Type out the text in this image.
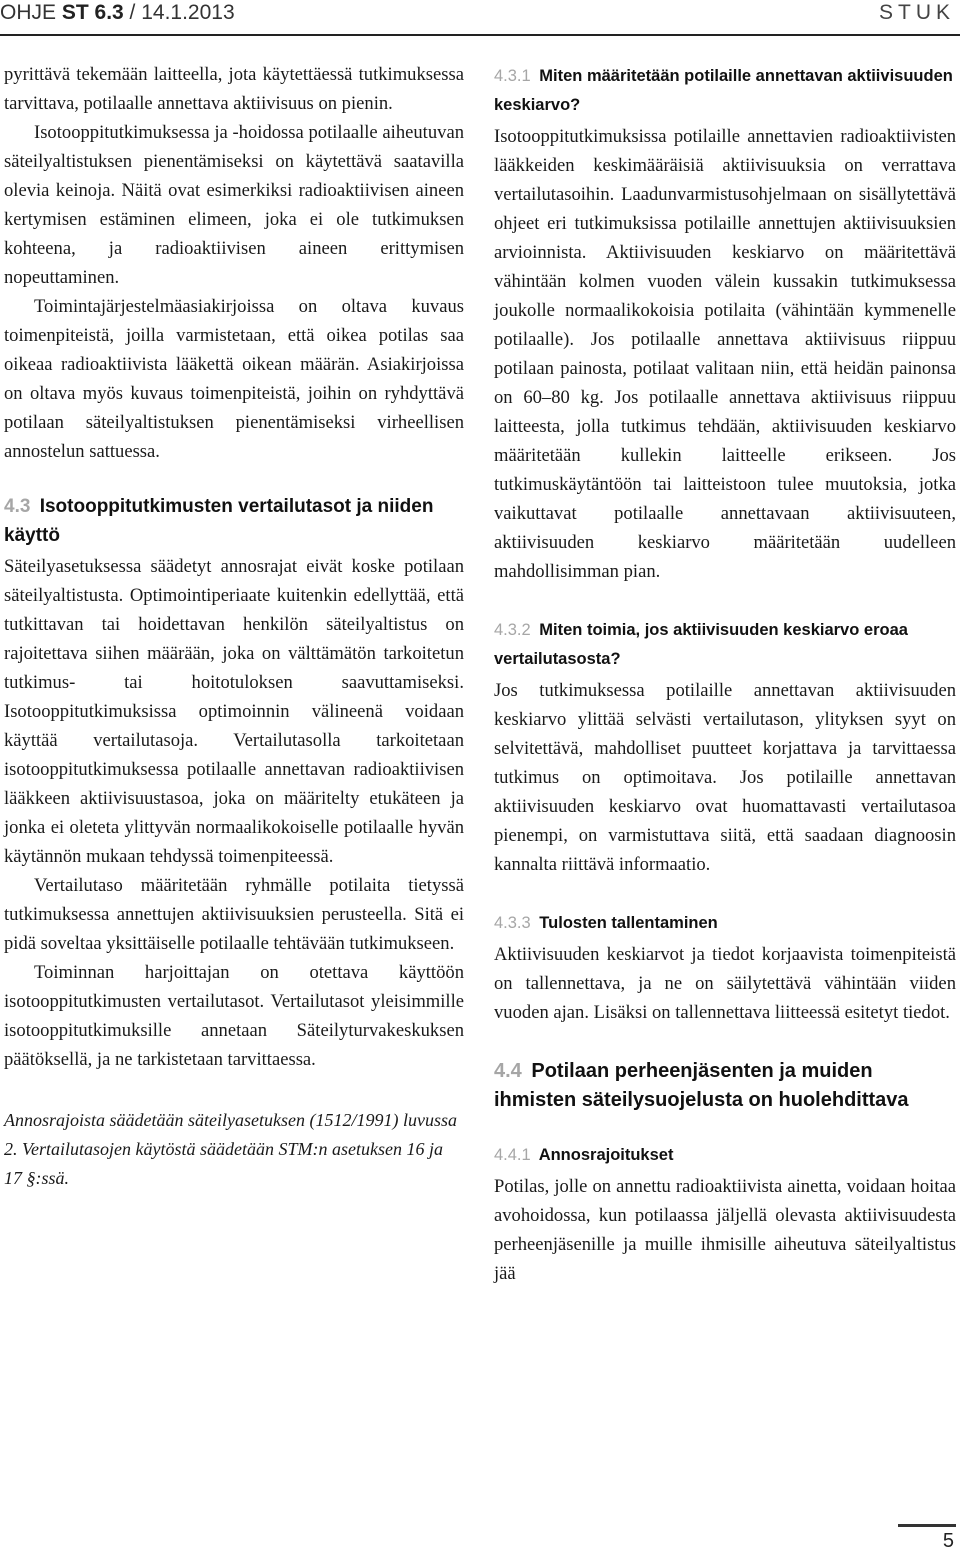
OHJE ST 6.3 / 14.1.2013	STUK

pyrittävä tekemään laitteella, jota käytettäessä tutkimuksessa tarvittava, potilaalle annettava aktiivisuus on pienin.

Isotooppitutkimuksessa ja -hoidossa potilaalle aiheutuvan säteilyaltistuksen pienentämiseksi on käytettävä saatavilla olevia keinoja. Näitä ovat esimerkiksi radioaktiivisen aineen kertymisen estäminen elimeen, joka ei ole tutkimuksen kohteena, ja radioaktiivisen aineen erittymisen nopeuttaminen.

Toimintajärjestelmäasiakirjoissa on oltava kuvaus toimenpiteistä, joilla varmistetaan, että oikea potilas saa oikeaa radioaktiivista lääkettä oikean määrän. Asiakirjoissa on oltava myös kuvaus toimenpiteistä, joihin on ryhdyttävä potilaan säteilyaltistuksen pienentämiseksi virheellisen annostelun sattuessa.

4.3 Isotooppitutkimusten vertailutasot ja niiden käyttö

Säteilyasetuksessa säädetyt annosrajat eivät koske potilaan säteilyaltistusta. Optimointiperiaate kuitenkin edellyttää, että tutkittavan tai hoidettavan henkilön säteilyaltistus on rajoitettava siihen määrään, joka on välttämätön tarkoitetun tutkimus- tai hoitotuloksen saavuttamiseksi. Isotooppitutkimuksissa optimoinnin välineenä voidaan käyttää vertailutasoja. Vertailutasolla tarkoitetaan isotooppitutkimuksessa potilaalle annettavan radioaktiivisen lääkkeen aktiivisuustasoa, joka on määritelty etukäteen ja jonka ei oleteta ylittyvän normaalikokoiselle potilaalle hyvän käytännön mukaan tehdyssä toimenpiteessä.

Vertailutaso määritetään ryhmälle potilaita tietyssä tutkimuksessa annettujen aktiivisuuksien perusteella. Sitä ei pidä soveltaa yksittäiselle potilaalle tehtävään tutkimukseen.

Toiminnan harjoittajan on otettava käyttöön isotooppitutkimusten vertailutasot. Vertailutasot yleisimmille isotooppitutkimuksille annetaan Säteilyturvakeskuksen päätöksellä, ja ne tarkistetaan tarvittaessa.

Annosrajoista säädetään säteilyasetuksen (1512/1991) luvussa 2. Vertailutasojen käytöstä säädetään STM:n asetuksen 16 ja 17 §:ssä.

4.3.1 Miten määritetään potilaille annettavan aktiivisuuden keskiarvo?

Isotooppitutkimuksissa potilaille annettavien radioaktiivisten lääkkeiden keskimääräisiä aktiivisuuksia on verrattava vertailutasoihin. Laadunvarmistusohjelmaan on sisällytettävä ohjeet eri tutkimuksissa potilaille annettujen aktiivisuuksien arvioinnista. Aktiivisuuden keskiarvo on määritettävä vähintään kolmen vuoden välein kussakin tutkimuksessa joukolle normaalikokoisia potilaita (vähintään kymmenelle potilaalle). Jos potilaalle annettava aktiivisuus riippuu potilaan painosta, potilaat valitaan niin, että heidän painonsa on 60–80 kg. Jos potilaalle annettava aktiivisuus riippuu laitteesta, jolla tutkimus tehdään, aktiivisuuden keskiarvo määritetään kullekin laitteelle erikseen. Jos tutkimuskäytäntöön tai laitteistoon tulee muutoksia, jotka vaikuttavat potilaalle annettavaan aktiivisuuteen, aktiivisuuden keskiarvo määritetään uudelleen mahdollisimman pian.

4.3.2 Miten toimia, jos aktiivisuuden keskiarvo eroaa vertailutasosta?

Jos tutkimuksessa potilaille annettavan aktiivisuuden keskiarvo ylittää selvästi vertailutason, ylityksen syyt on selvitettävä, mahdolliset puutteet korjattava ja tarvittaessa tutkimus on optimoitava. Jos potilaille annettavan aktiivisuuden keskiarvo ovat huomattavasti vertailutasoa pienempi, on varmistuttava siitä, että saadaan diagnoosin kannalta riittävä informaatio.

4.3.3 Tulosten tallentaminen

Aktiivisuuden keskiarvot ja tiedot korjaavista toimenpiteistä on tallennettava, ja ne on säilytettävä vähintään viiden vuoden ajan. Lisäksi on tallennettava liitteessä esitetyt tiedot.

4.4 Potilaan perheenjäsenten ja muiden ihmisten säteilysuojelusta on huolehdittava
4.4.1 Annosrajoitukset

Potilas, jolle on annettu radioaktiivista ainetta, voidaan hoitaa avohoidossa, kun potilaassa jäljellä olevasta aktiivisuudesta perheenjäsenille ja muille ihmisille aiheutuva säteilyaltistus jää

5
